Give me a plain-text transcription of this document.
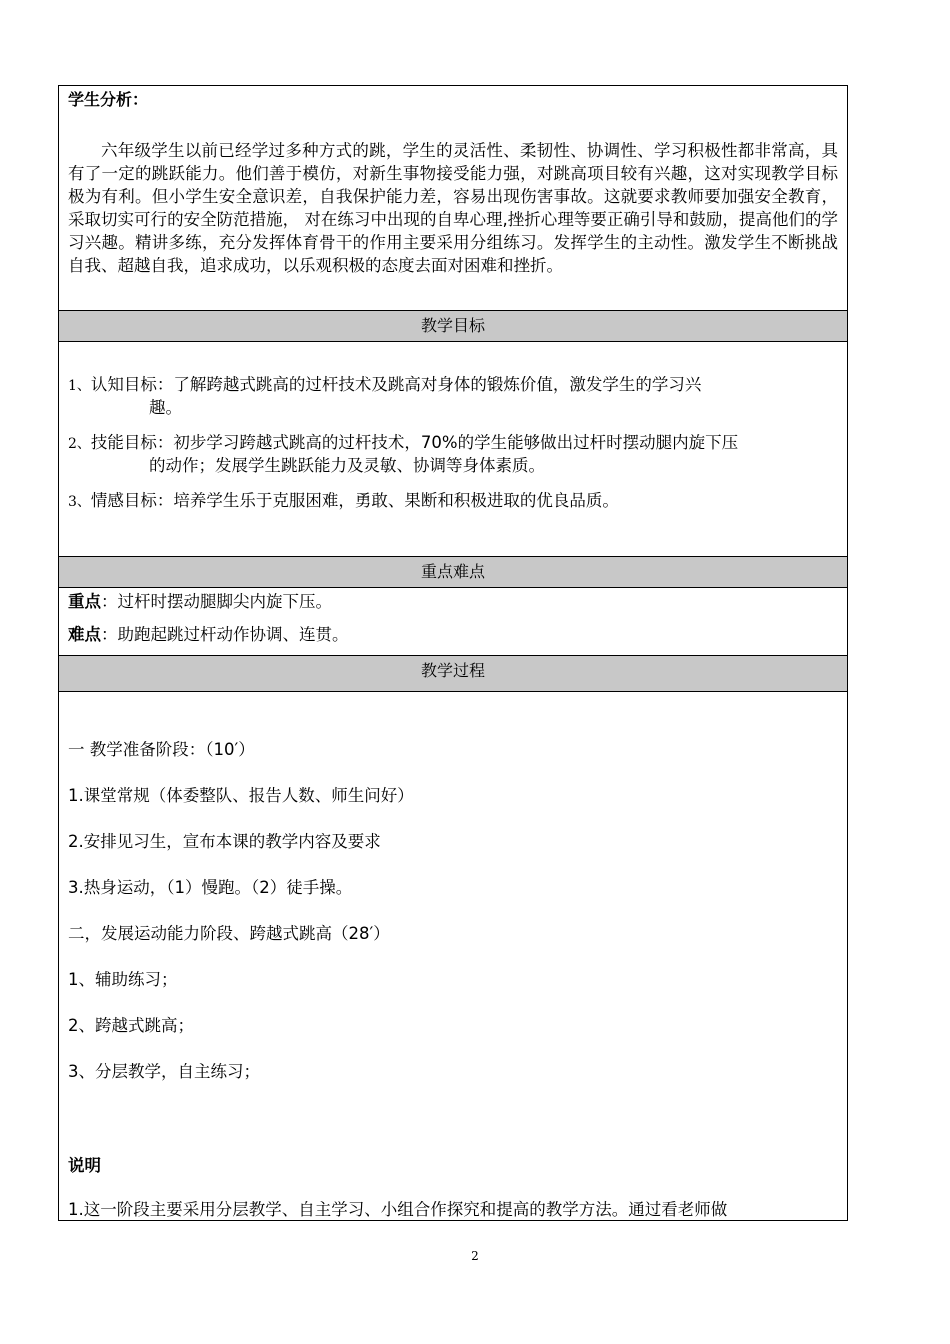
学生分析：

六年级学生以前已经学过多种方式的跳，学生的灵活性、柔韧性、协调性、学习积极性都非常高，具有了一定的跳跃能力。他们善于模仿，对新生事物接受能力强，对跳高项目较有兴趣，这对实现教学目标极为有利。但小学生安全意识差，自我保护能力差，容易出现伤害事故。这就要求教师要加强安全教育，采取切实可行的安全防范措施， 对在练习中出现的自卑心理,挫折心理等要正确引导和鼓励，提高他们的学习兴趣。精讲多练，充分发挥体育骨干的作用主要采用分组练习。发挥学生的主动性。激发学生不断挑战自我、超越自我，追求成功，以乐观积极的态度去面对困难和挫折。

教学目标
1、认知目标：了解跨越式跳高的过杆技术及跳高对身体的锻炼价值，激发学生的学习兴
趣。
2、技能目标：初步学习跨越式跳高的过杆技术，70%的学生能够做出过杆时摆动腿内旋下压
的动作；发展学生跳跃能力及灵敏、协调等身体素质。
3、情感目标：培养学生乐于克服困难，勇敢、果断和积极进取的优良品质。
重点难点
重点：过杆时摆动腿脚尖内旋下压。
难点：助跑起跳过杆动作协调、连贯。
教学过程
一 教学准备阶段：（10′）
1.课堂常规（体委整队、报告人数、师生问好）
2.安排见习生，宣布本课的教学内容及要求
3.热身运动，（1）慢跑。（2）徒手操。
二，发展运动能力阶段、跨越式跳高（28′）
1、辅助练习；
2、跨越式跳高；
3、分层教学，自主练习；
说明
1.这一阶段主要采用分层教学、自主学习、小组合作探究和提高的教学方法。通过看老师做
2
